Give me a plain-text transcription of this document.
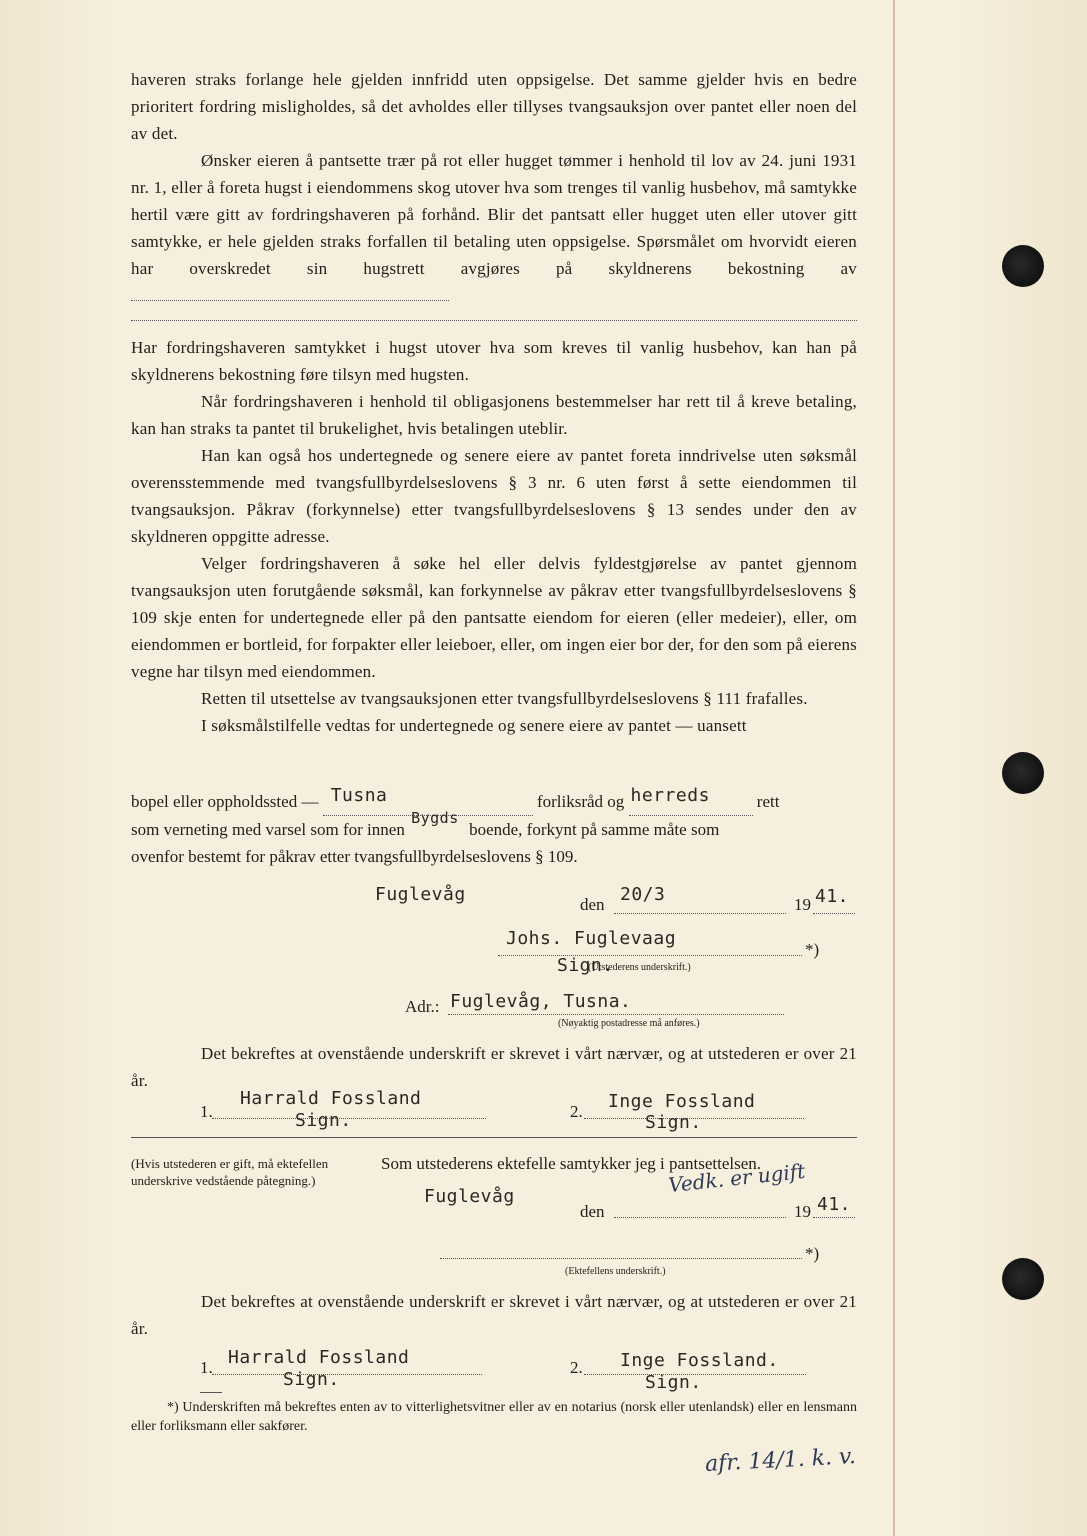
haveren straks forlange hele gjelden innfridd uten oppsigelse. Det samme gjelder hvis en bedre prioritert fordring misligholdes, så det avholdes eller tillyses tvangsauksjon over pantet eller noen del av det.

Ønsker eieren å pantsette trær på rot eller hugget tømmer i henhold til lov av 24. juni 1931 nr. 1, eller å foreta hugst i eiendommens skog utover hva som trenges til vanlig husbehov, må samtykke hertil være gitt av fordringshaveren på forhånd. Blir det pantsatt eller hugget uten eller utover gitt samtykke, er hele gjelden straks forfallen til betaling uten oppsigelse. Spørsmålet om hvorvidt eieren har overskredet sin hugstrett avgjøres på skyldnerens bekostning av

Har fordringshaveren samtykket i hugst utover hva som kreves til vanlig husbehov, kan han på skyldnerens bekostning føre tilsyn med hugsten.

Når fordringshaveren i henhold til obligasjonens bestemmelser har rett til å kreve betaling, kan han straks ta pantet til brukelighet, hvis betalingen uteblir.

Han kan også hos undertegnede og senere eiere av pantet foreta inndrivelse uten søksmål overensstemmende med tvangsfullbyrdelseslovens § 3 nr. 6 uten først å sette eiendommen til tvangsauksjon. Påkrav (forkynnelse) etter tvangsfullbyrdelseslovens § 13 sendes under den av skyldneren oppgitte adresse.

Velger fordringshaveren å søke hel eller delvis fyldestgjørelse av pantet gjennom tvangsauksjon uten forutgående søksmål, kan forkynnelse av påkrav etter tvangsfullbyrdelseslovens § 109 skje enten for undertegnede eller på den pantsatte eiendom for eieren (eller medeier), eller, om eiendommen er bortleid, for forpakter eller leieboer, eller, om ingen eier bor der, for den som på eierens vegne har tilsyn med eiendommen.

Retten til utsettelse av tvangsauksjonen etter tvangsfullbyrdelseslovens § 111 frafalles.

I søksmålstilfelle vedtas for undertegnede og senere eiere av pantet — uansett

bopel eller oppholdssted — Tusna	forliksråd og herreds	rett
som verneting med varsel som for innen
Bygds
boende, forkynt på samme måte som
ovenfor bestemt for påkrav etter tvangsfullbyrdelseslovens § 109.
Fuglevåg	den 20/3	19 41.
Johs. Fuglevaag
*)
Sign.
(Utstederens underskrift.)
Adr.: Fuglevåg, Tusna.
(Nøyaktig postadresse må anføres.)

Det bekreftes at ovenstående underskrift er skrevet i vårt nærvær, og at utstederen er over 21 år.

1.
Harrald Fossland
Sign.	2. Inge Fossland
Sign.
(Hvis utstederen er gift, må ektefellen underskrive vedstående påtegning.)
Som utstederens ektefelle samtykker jeg i pantsettelsen.
Vedk. er ugift
Fuglevåg
den	19 41.
*)
(Ektefellens underskrift.)

Det bekreftes at ovenstående underskrift er skrevet i vårt nærvær, og at utstederen er over 21 år.

1. Harrald Fossland
Sign.
2. Inge Fossland.
Sign.
*) Underskriften må bekreftes enten av to vitterlighetsvitner eller av en notarius (norsk eller utenlandsk) eller en lensmann eller forliksmann eller sakfører.
afr. 14/1. k. v.
